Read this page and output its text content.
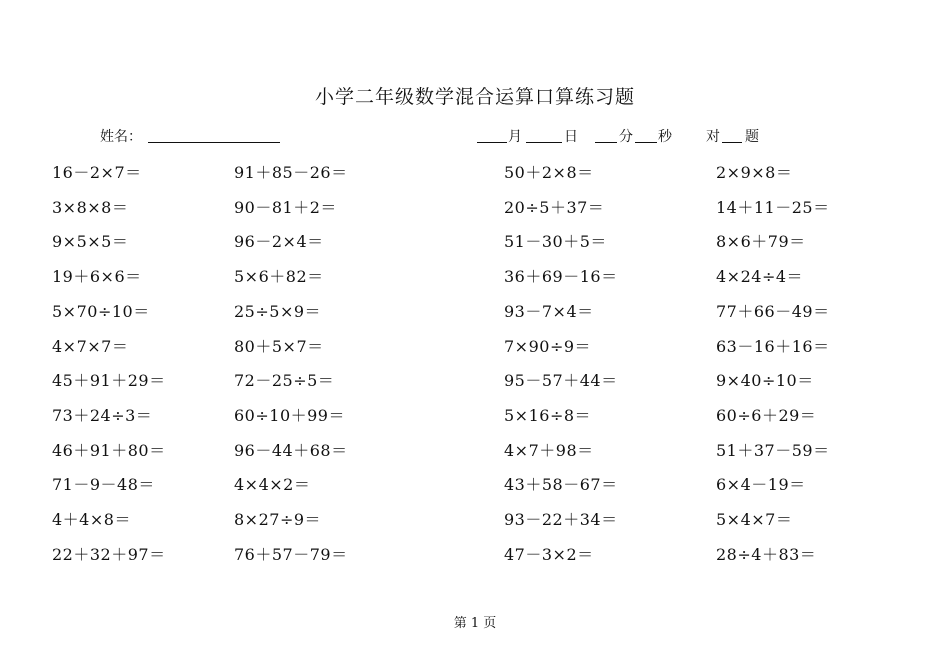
小学二年级数学混合运算口算练习题
姓名：	月	日	分 秒 对 题
16－2×7＝	91＋85－26＝	50＋2×8＝	2×9×8＝
3×8×8＝	90－81＋2＝	20÷5＋37＝	14＋11－25＝
9×5×5＝	96－2×4＝	51－30＋5＝	8×6＋79＝
19＋6×6＝	5×6＋82＝	36＋69－16＝	4×24÷4＝
5×70÷10＝	25÷5×9＝	93－7×4＝	77＋66－49＝
4×7×7＝	80＋5×7＝	7×90÷9＝	63－16＋16＝
45＋91＋29＝	72－25÷5＝	95－57＋44＝	9×40÷10＝
73＋24÷3＝	60÷10＋99＝	5×16÷8＝	60÷6＋29＝
46＋91＋80＝	96－44＋68＝	4×7＋98＝	51＋37－59＝
71－9－48＝	4×4×2＝	43＋58－67＝	6×4－19＝
4＋4×8＝	8×27÷9＝	93－22＋34＝	5×4×7＝
22＋32＋97＝	76＋57－79＝	47－3×2＝	28÷4＋83＝
第 1 页
